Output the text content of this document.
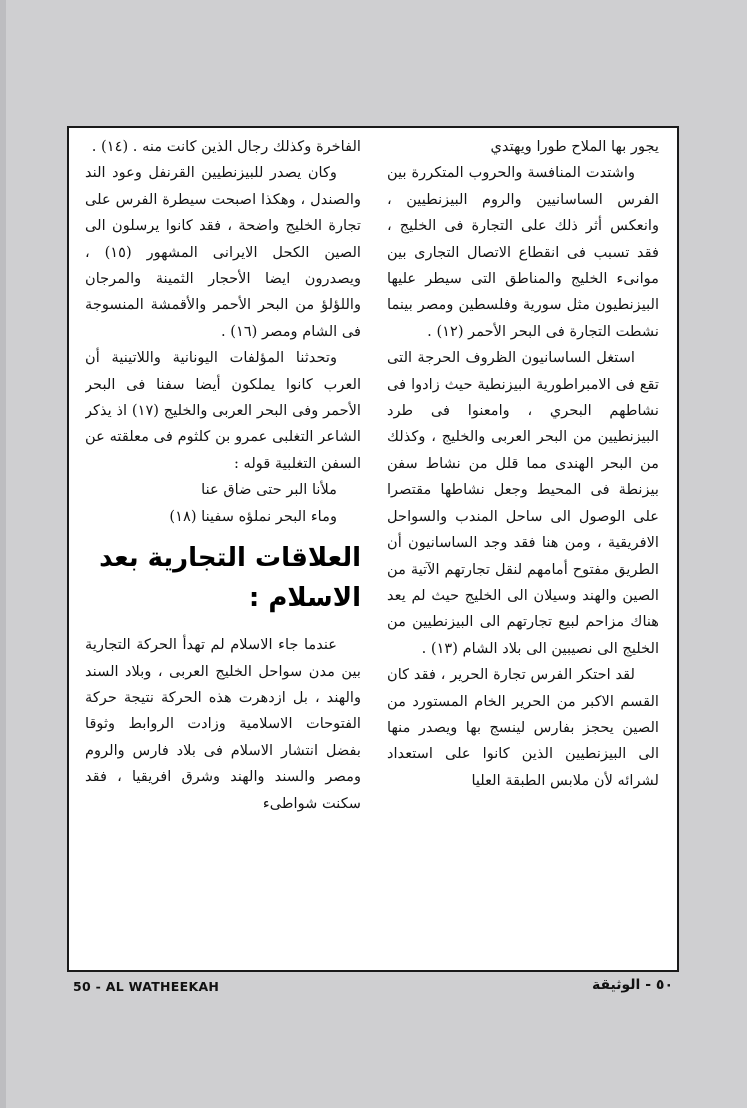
يجور بها الملاح طورا ويهتدي

واشتدت المنافسة والحروب المتكررة بين الفرس الساسانيين والروم البيزنطيين ، وانعكس أثر ذلك على التجارة فى الخليج ، فقد تسبب فى انقطاع الاتصال التجارى بين موانىء الخليج والمناطق التى سيطر عليها البيزنطيون مثل سورية وفلسطين ومصر بينما نشطت التجارة فى البحر الأحمر (١٢) .

استغل الساسانيون الظروف الحرجة التى تقع فى الامبراطورية البيزنطية حيث زادوا فى نشاطهم البحري ، وامعنوا فى طرد البيزنطيين من البحر العربى والخليج ، وكذلك من البحر الهندى مما قلل من نشاط سفن بيزنطة فى المحيط وجعل نشاطها مقتصرا على الوصول الى ساحل المندب والسواحل الافريقية ، ومن هنا فقد وجد الساسانيون أن الطريق مفتوح أمامهم لنقل تجارتهم الآتية من الصين والهند وسيلان الى الخليج حيث لم يعد هناك مزاحم لبيع تجارتهم الى البيزنطيين من الخليج الى نصيبين الى بلاد الشام (١٣) .

لقد احتكر الفرس تجارة الحرير ، فقد كان القسم الاكبر من الحرير الخام المستورد من الصين يحجز بفارس لينسج بها ويصدر منها الى البيزنطيين الذين كانوا على استعداد لشرائه لأن ملابس الطبقة العليا

الفاخرة وكذلك رجال الذين كانت منه . (١٤) .

وكان يصدر للبيزنطيين القرنفل وعود الند والصندل ، وهكذا اصبحت سيطرة الفرس على تجارة الخليج واضحة ، فقد كانوا يرسلون الى الصين الكحل الايرانى المشهور (١٥) ، ويصدرون ايضا الأحجار الثمينة والمرجان واللؤلؤ من البحر الأحمر والأقمشة المنسوجة فى الشام ومصر (١٦) .

وتحدثنا المؤلفات اليونانية واللاتينية أن العرب كانوا يملكون أيضا سفنا فى البحر الأحمر وفى البحر العربى والخليج (١٧) اذ يذكر الشاعر التغلبى عمرو بن كلثوم فى معلقته عن السفن التغلبية قوله :

ملأنا البر حتى ضاق عنا

وماء البحر نملؤه سفينا (١٨)

العلاقات التجارية بعد الاسلام :

عندما جاء الاسلام لم تهدأ الحركة التجارية بين مدن سواحل الخليج العربى ، وبلاد السند والهند ، بل ازدهرت هذه الحركة نتيجة حركة الفتوحات الاسلامية وزادت الروابط وثوقا بفضل انتشار الاسلام فى بلاد فارس والروم ومصر والسند والهند وشرق افريقيا ، فقد سكنت شواطىء

50 - AL WATHEEKAH	٥٠ - الوثيقة
